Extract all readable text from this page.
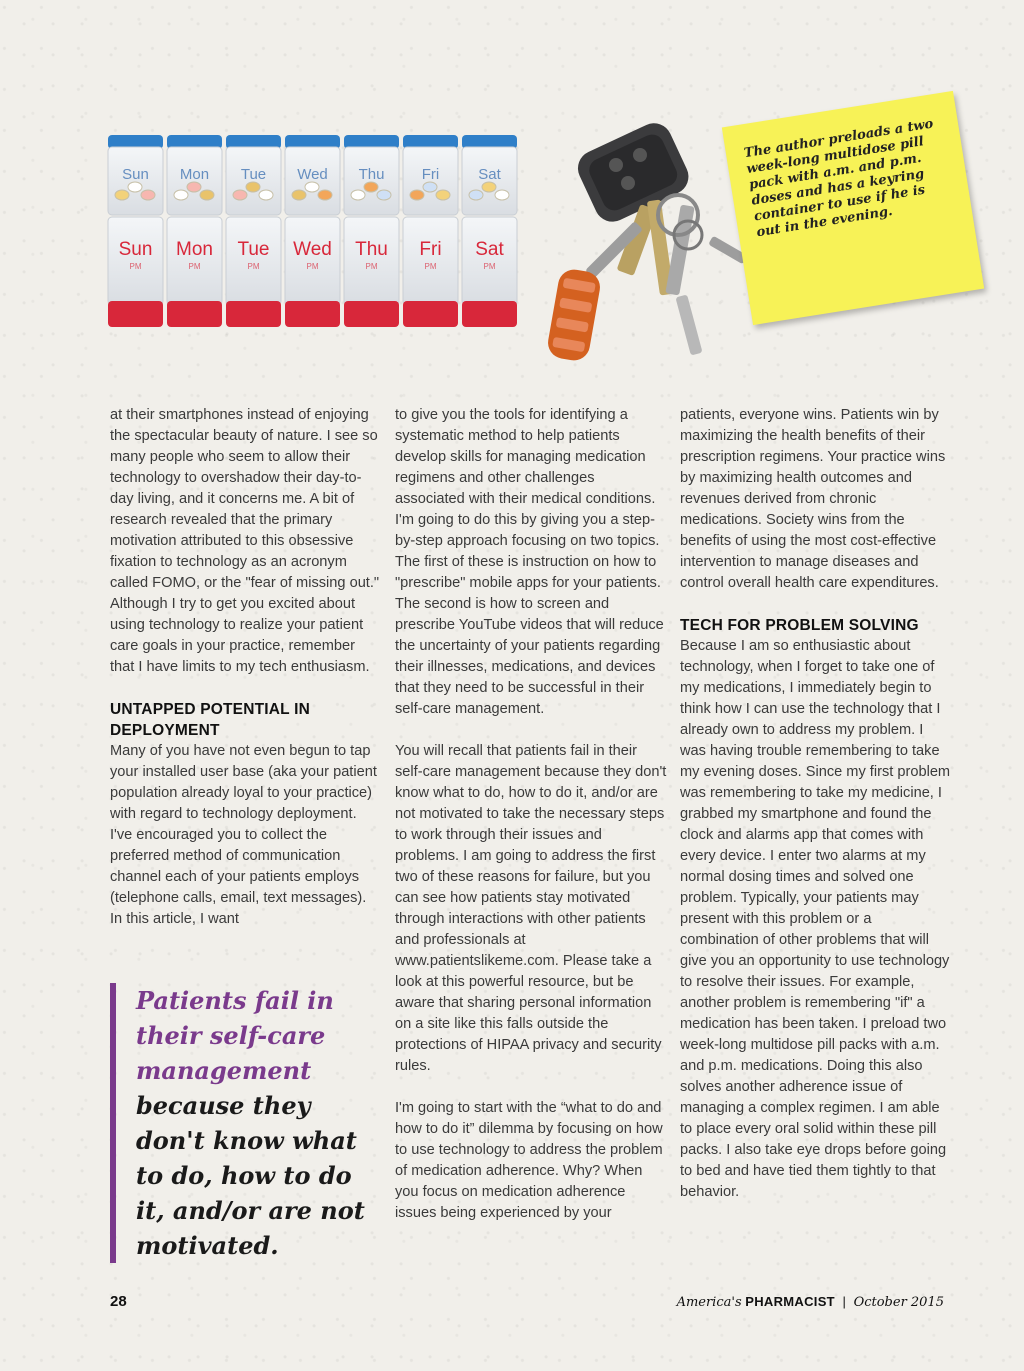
Sun Mon Tue Wed Thu Fri	Sat
Sun
PM
Mon
PM
Tue
PM
Wed
PM
Thu
PM
Fri
PM
Sat
PM
The author preloads a two week-long multidose pill pack with a.m. and p.m. doses and has a keyring container to use if he is out in the evening.

at their smartphones instead of enjoying the spectacular beauty of nature. I see so many people who seem to allow their technology to overshadow their day-to-day living, and it concerns me. A bit of research revealed that the primary motivation attributed to this obsessive fixation to technology as an acronym called FOMO, or the "fear of missing out." Although I try to get you excited about using technology to realize your patient care goals in your practice, remember that I have limits to my tech enthusiasm.

UNTAPPED POTENTIAL IN DEPLOYMENT

Many of you have not even begun to tap your installed user base (aka your patient population already loyal to your practice) with regard to technology deployment. I've encouraged you to collect the preferred method of communication channel each of your patients employs (telephone calls, email, text messages). In this article, I want

Patients fail in their self-care management because they don't know what to do, how to do it, and/or are not motivated.

to give you the tools for identifying a systematic method to help patients develop skills for managing medication regimens and other challenges associated with their medical conditions. I'm going to do this by giving you a step-by-step approach focusing on two topics. The first of these is instruction on how to "prescribe" mobile apps for your patients. The second is how to screen and prescribe YouTube videos that will reduce the uncertainty of your patients regarding their illnesses, medications, and devices that they need to be successful in their self-care management.

You will recall that patients fail in their self-care management because they don't know what to do, how to do it, and/or are not motivated to take the necessary steps to work through their issues and problems. I am going to address the first two of these reasons for failure, but you can see how patients stay motivated through interactions with other patients and professionals at www.patientslikeme.com. Please take a look at this powerful resource, but be aware that sharing personal information on a site like this falls outside the protections of HIPAA privacy and security rules.

I'm going to start with the “what to do and how to do it” dilemma by focusing on how to use technology to address the problem of medication adherence. Why? When you focus on medication adherence issues being experienced by your

patients, everyone wins. Patients win by maximizing the health benefits of their prescription regimens. Your practice wins by maximizing health outcomes and revenues derived from chronic medications. Society wins from the benefits of using the most cost-effective intervention to manage diseases and control overall health care expenditures.

TECH FOR PROBLEM SOLVING

Because I am so enthusiastic about technology, when I forget to take one of my medications, I immediately begin to think how I can use the technology that I already own to address my problem. I was having trouble remembering to take my evening doses. Since my first problem was remembering to take my medicine, I grabbed my smartphone and found the clock and alarms app that comes with every device. I enter two alarms at my normal dosing times and solved one problem. Typically, your patients may present with this problem or a combination of other problems that will give you an opportunity to use technology to resolve their issues. For example, another problem is remembering "if" a medication has been taken. I preload two week-long multidose pill packs with a.m. and p.m. medications. Doing this also solves another adherence issue of managing a complex regimen. I am able to place every oral solid within these pill packs. I also take eye drops before going to bed and have tied them tightly to that behavior.

28	America's PHARMACIST | October 2015
